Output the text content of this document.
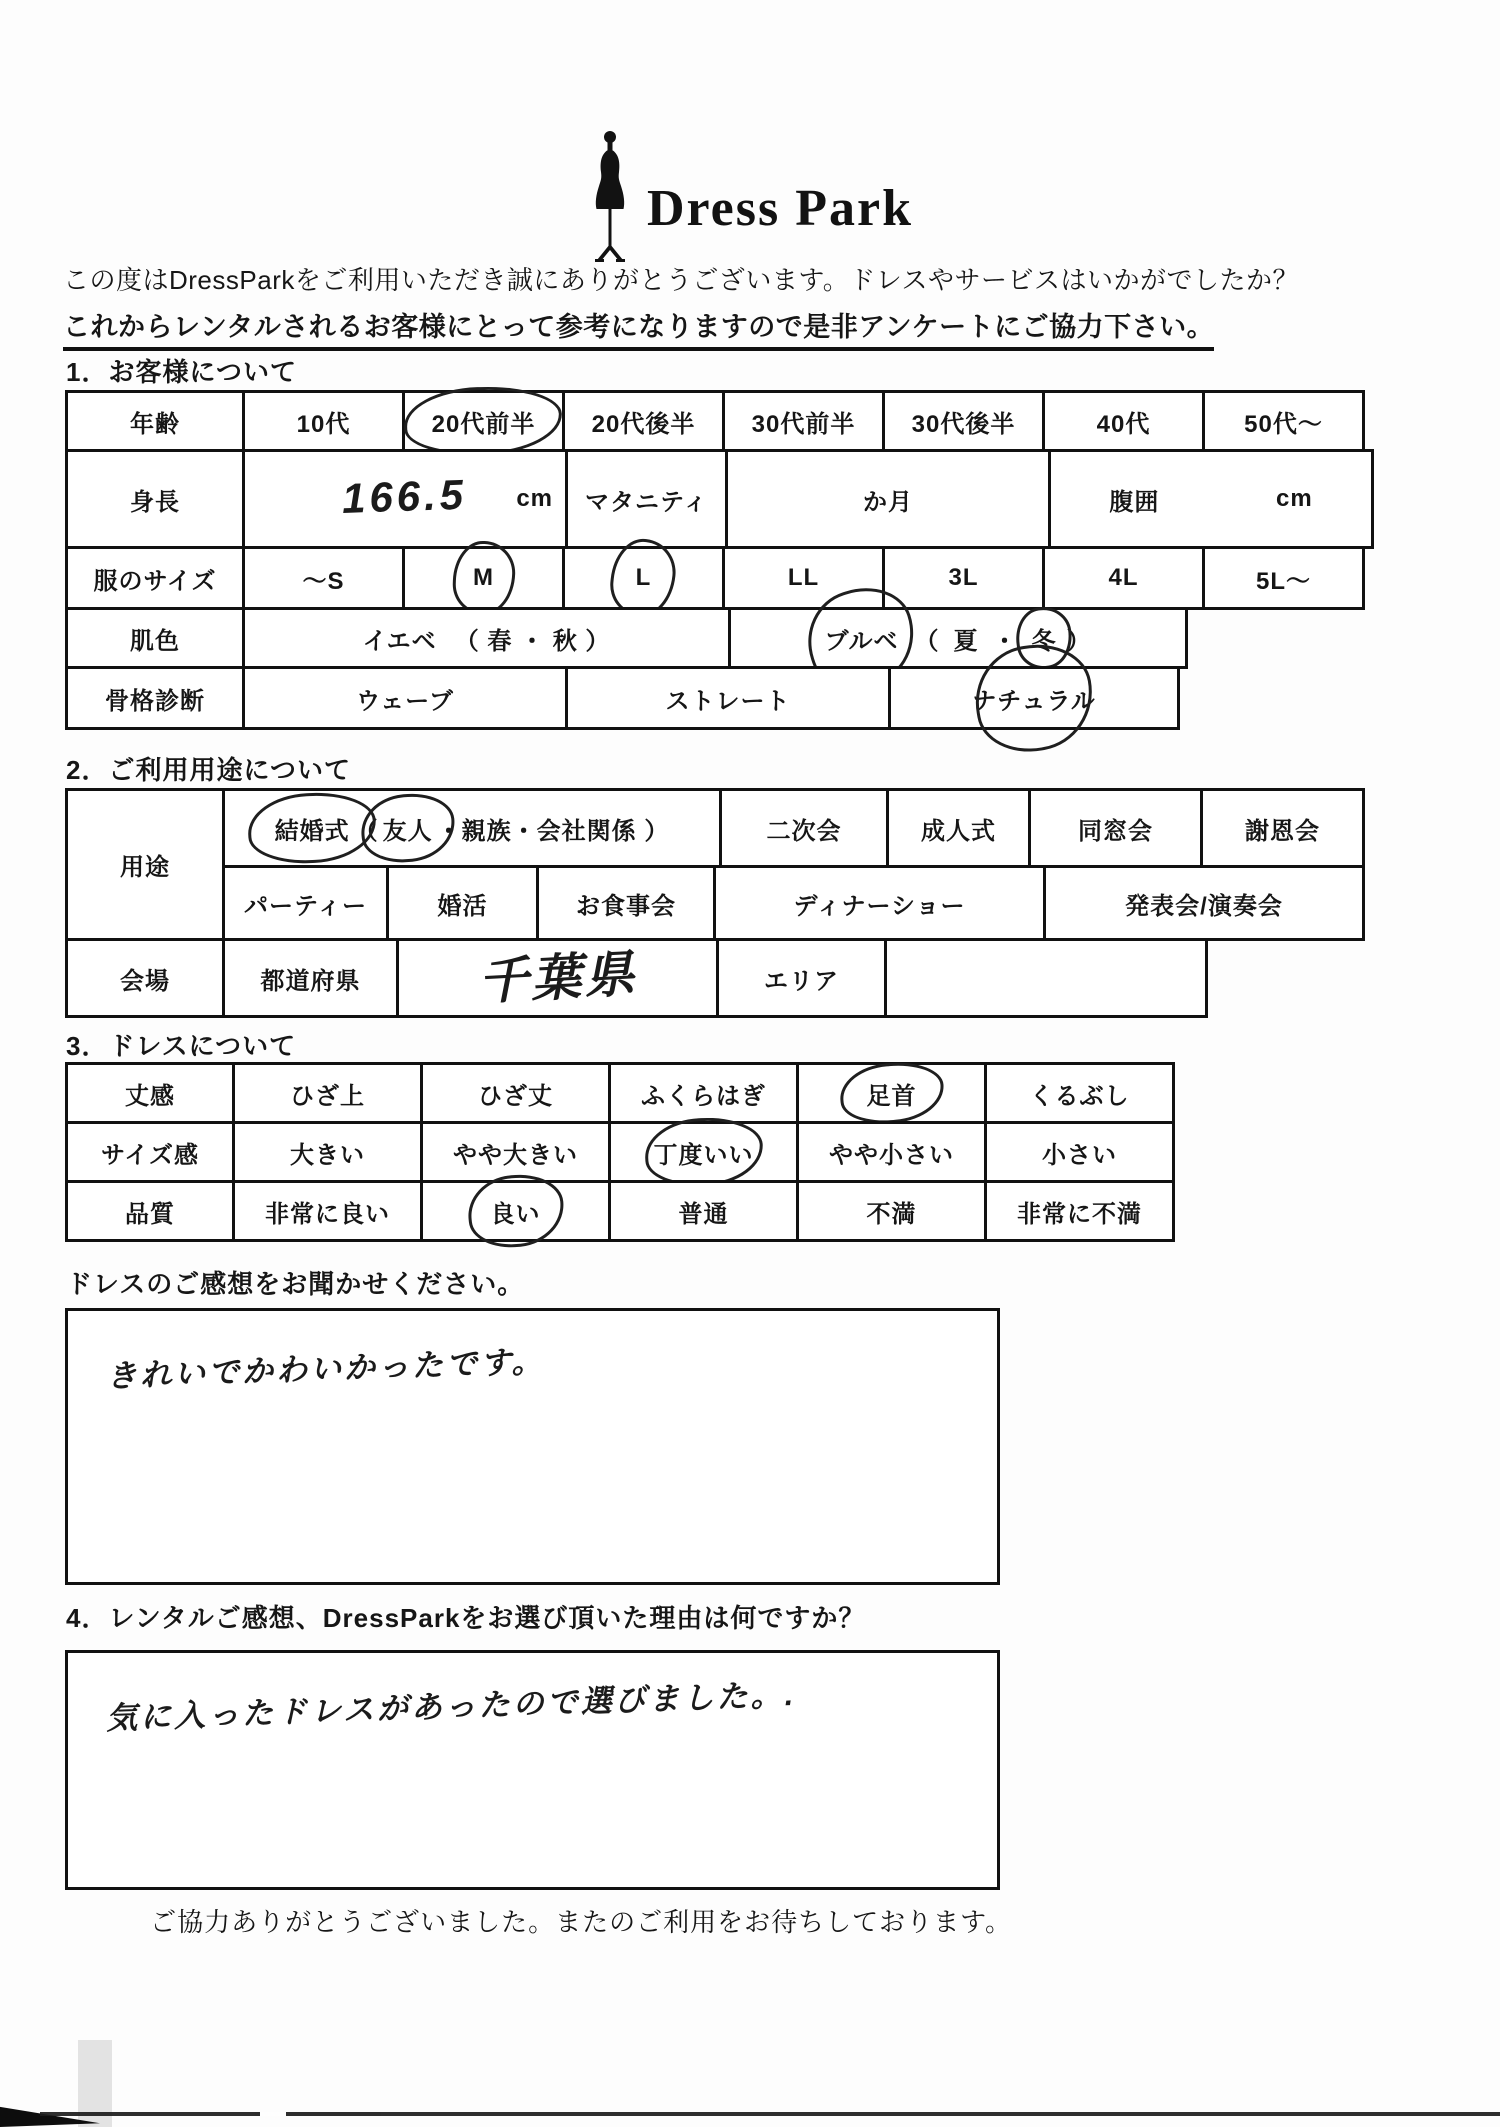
Dress Park
この度はDressParkをご利用いただき誠にありがとうございます。ドレスやサービスはいかがでしたか？
これからレンタルされるお客様にとって参考になりますので是非アンケートにご協力下さい。
1．お客様について
年齢	10代	20代前半	20代後半	30代前半	30代後半	40代	50代～
身長	166.5 cm	マタニティ	か月	腹囲	cm
服のサイズ	～S	M	L	LL	3L	4L	5L～
肌色	イエベ （ 春 ・ 秋 ）	ブルベ （ 夏 ・ 冬 ）
骨格診断	ウェーブ	ストレート	ナチュラル
2．ご利用用途について
用途
結婚式 （ 友人 ・親族・会社関係 ）	二次会	成人式	同窓会	謝恩会
パーティー	婚活	お食事会	ディナーショー	発表会/演奏会
会場	都道府県	千葉県	エリア
3．ドレスについて
丈感	ひざ上	ひざ丈	ふくらはぎ	足首	くるぶし
サイズ感	大きい	やや大きい	丁度いい	やや小さい	小さい
品質	非常に良い	良い	普通	不満	非常に不満
ドレスのご感想をお聞かせください。
きれいでかわいかったです。
4．レンタルご感想、DressParkをお選び頂いた理由は何ですか？
気に入ったドレスがあったので選びました。.
ご協力ありがとうございました。またのご利用をお待ちしております。
